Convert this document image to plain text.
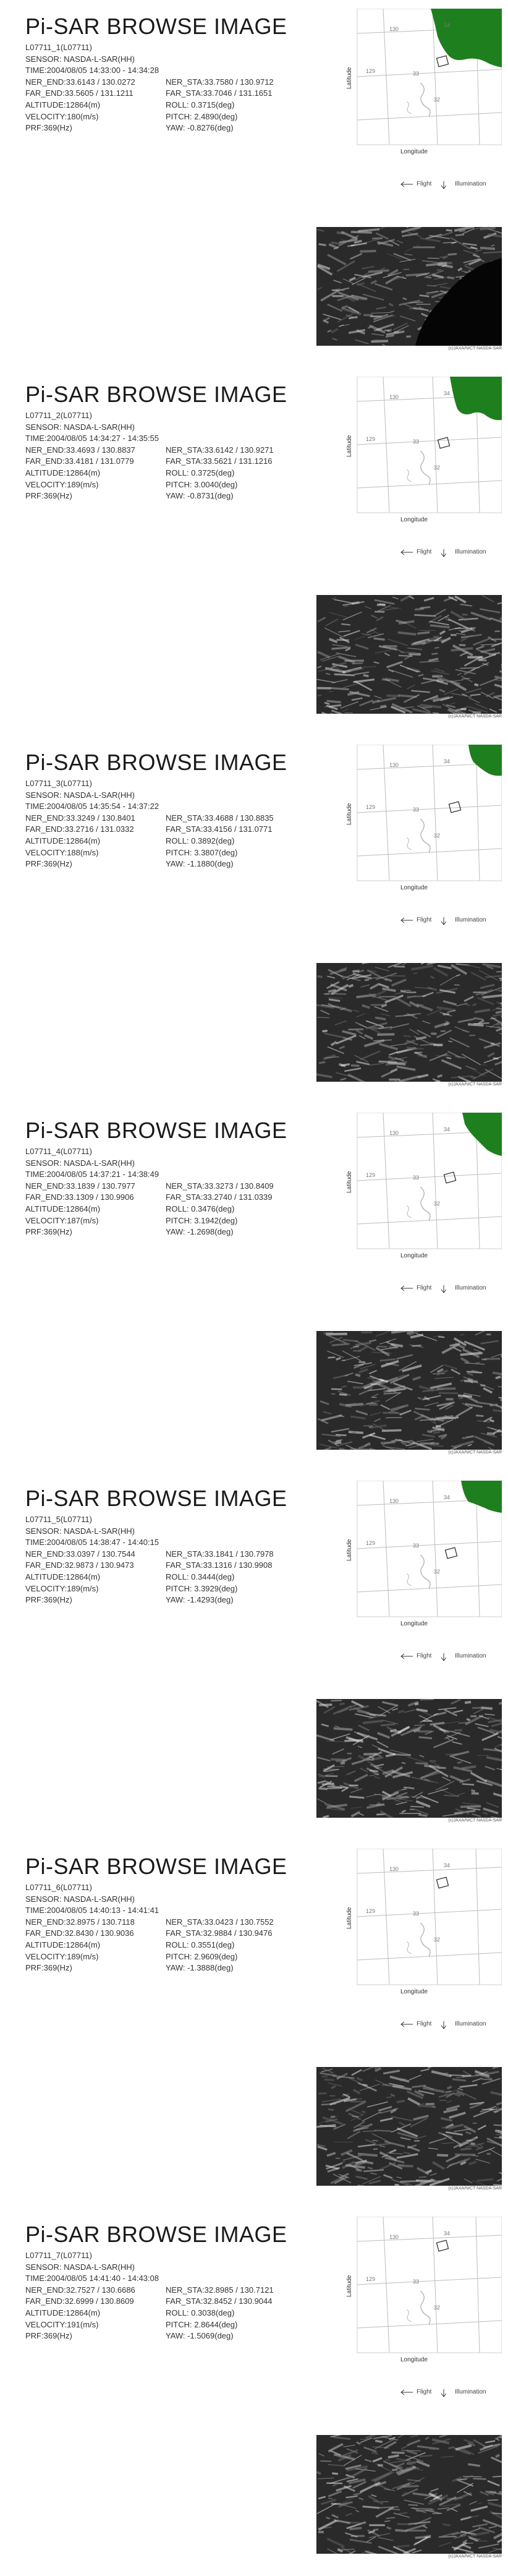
Pi-SAR BROWSE IMAGE
L07711_1(L07711)
SENSOR: NASDA-L-SAR(HH)
TIME:2004/08/05 14:33:00 - 14:34:28
NER_END:33.6143 / 130.0272	NER_STA:33.7580 / 130.9712
FAR_END:33.5605 / 131.1211	FAR_STA:33.7046 / 131.1651
ALTITUDE:12864(m)	ROLL: 0.3715(deg)
VELOCITY:180(m/s)	PITCH: 2.4890(deg)
PRF:369(Hz)	YAW: -0.8276(deg)
130
129	33
34
32
Longitude
Latitude
Flight	Illumination
(c)JAXA/NICT NASDA-SAR
Pi-SAR BROWSE IMAGE
L07711_2(L07711)
SENSOR: NASDA-L-SAR(HH)
TIME:2004/08/05 14:34:27 - 14:35:55
NER_END:33.4693 / 130.8837	NER_STA:33.6142 / 130.9271
FAR_END:33.4181 / 131.0779	FAR_STA:33.5621 / 131.1216
ALTITUDE:12864(m)	ROLL: 0.3725(deg)
VELOCITY:189(m/s)	PITCH: 3.0040(deg)
PRF:369(Hz)	YAW: -0.8731(deg)
130
129	33
34
32
Longitude
Latitude
Flight	Illumination
(c)JAXA/NICT NASDA-SAR
Pi-SAR BROWSE IMAGE
L07711_3(L07711)
SENSOR: NASDA-L-SAR(HH)
TIME:2004/08/05 14:35:54 - 14:37:22
NER_END:33.3249 / 130.8401	NER_STA:33.4688 / 130.8835
FAR_END:33.2716 / 131.0332	FAR_STA:33.4156 / 131.0771
ALTITUDE:12864(m)	ROLL: 0.3892(deg)
VELOCITY:188(m/s)	PITCH: 3.3807(deg)
PRF:369(Hz)	YAW: -1.1880(deg)
130
129	33
34
32
Longitude
Latitude
Flight	Illumination
(c)JAXA/NICT NASDA-SAR
Pi-SAR BROWSE IMAGE
L07711_4(L07711)
SENSOR: NASDA-L-SAR(HH)
TIME:2004/08/05 14:37:21 - 14:38:49
NER_END:33.1839 / 130.7977	NER_STA:33.3273 / 130.8409
FAR_END:33.1309 / 130.9906	FAR_STA:33.2740 / 131.0339
ALTITUDE:12864(m)	ROLL: 0.3476(deg)
VELOCITY:187(m/s)	PITCH: 3.1942(deg)
PRF:369(Hz)	YAW: -1.2698(deg)
130
129	33
34
32
Longitude
Latitude
Flight	Illumination
(c)JAXA/NICT NASDA-SAR
Pi-SAR BROWSE IMAGE
L07711_5(L07711)
SENSOR: NASDA-L-SAR(HH)
TIME:2004/08/05 14:38:47 - 14:40:15
NER_END:33.0397 / 130.7544	NER_STA:33.1841 / 130.7978
FAR_END:32.9873 / 130.9473	FAR_STA:33.1316 / 130.9908
ALTITUDE:12864(m)	ROLL: 0.3444(deg)
VELOCITY:189(m/s)	PITCH: 3.3929(deg)
PRF:369(Hz)	YAW: -1.4293(deg)
130
129	33
34
32
Longitude
Latitude
Flight	Illumination
(c)JAXA/NICT NASDA-SAR
Pi-SAR BROWSE IMAGE
L07711_6(L07711)
SENSOR: NASDA-L-SAR(HH)
TIME:2004/08/05 14:40:13 - 14:41:41
NER_END:32.8975 / 130.7118	NER_STA:33.0423 / 130.7552
FAR_END:32.8430 / 130.9036	FAR_STA:32.9884 / 130.9476
ALTITUDE:12864(m)	ROLL: 0.3551(deg)
VELOCITY:189(m/s)	PITCH: 2.9609(deg)
PRF:369(Hz)	YAW: -1.3888(deg)
130
129	33
34
32
Longitude
Latitude
Flight	Illumination
(c)JAXA/NICT NASDA-SAR
Pi-SAR BROWSE IMAGE
L07711_7(L07711)
SENSOR: NASDA-L-SAR(HH)
TIME:2004/08/05 14:41:40 - 14:43:08
NER_END:32.7527 / 130.6686	NER_STA:32.8985 / 130.7121
FAR_END:32.6999 / 130.8609	FAR_STA:32.8452 / 130.9044
ALTITUDE:12864(m)	ROLL: 0.3038(deg)
VELOCITY:191(m/s)	PITCH: 2.8644(deg)
PRF:369(Hz)	YAW: -1.5069(deg)
130
129	33
34
32
Longitude
Latitude
Flight	Illumination
(c)JAXA/NICT NASDA-SAR
